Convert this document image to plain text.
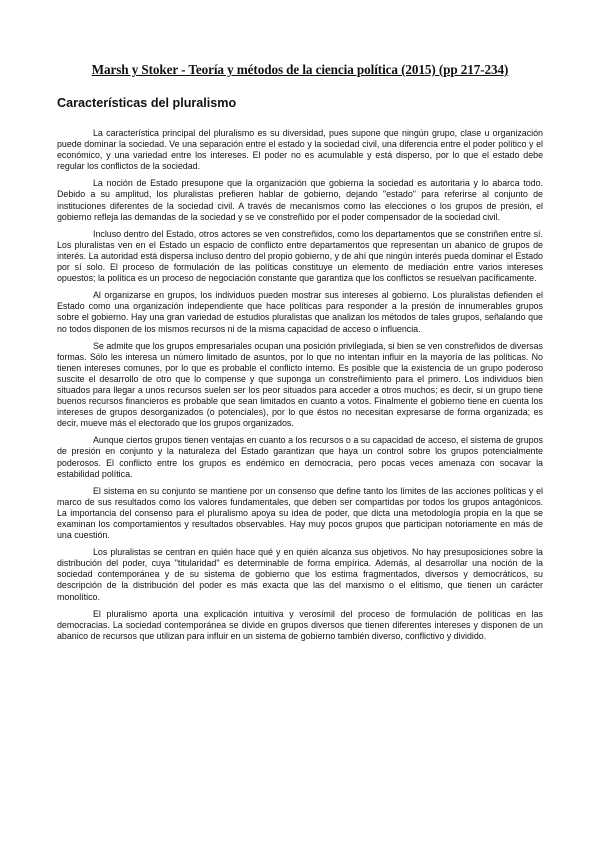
Marsh y Stoker - Teoría y métodos de la ciencia política (2015) (pp 217-234)
Características del pluralismo

La característica principal del pluralismo es su diversidad, pues supone que ningún grupo, clase u organización puede dominar la sociedad. Ve una separación entre el estado y la sociedad civil, una diferencia entre el poder político y el económico, y una variedad entre los intereses. El poder no es acumulable y está disperso, por lo que el estado debe regular los conflictos de la sociedad.

La noción de Estado presupone que la organización que gobierna la sociedad es autoritaria y lo abarca todo. Debido a su amplitud, los pluralistas prefieren hablar de gobierno, dejando "estado" para referirse al conjunto de instituciones diferentes de la sociedad civil. A través de mecanismos como las elecciones o los grupos de presión, el gobierno refleja las demandas de la sociedad y se ve constreñido por el poder compensador de la sociedad civil.

Incluso dentro del Estado, otros actores se ven constreñidos, como los departamentos que se constriñen entre sí. Los pluralistas ven en el Estado un espacio de conflicto entre departamentos que representan un abanico de grupos de interés. La autoridad está dispersa incluso dentro del propio gobierno, y de ahí que ningún interés pueda dominar el Estado por sí solo. El proceso de formulación de las políticas constituye un elemento de mediación entre varios intereses opuestos; la política es un proceso de negociación constante que garantiza que los conflictos se resuelvan pacíficamente.

Al organizarse en grupos, los individuos pueden mostrar sus intereses al gobierno. Los pluralistas defienden el Estado como una organización independiente que hace políticas para responder a la presión de innumerables grupos sobre el gobierno. Hay una gran variedad de estudios pluralistas que analizan los métodos de tales grupos, señalando que no todos disponen de los mismos recursos ni de la misma capacidad de acceso o influencia.

Se admite que los grupos empresariales ocupan una posición privilegiada, si bien se ven constreñidos de diversas formas. Sólo les interesa un número limitado de asuntos, por lo que no intentan influir en la mayoría de las políticas. No tienen intereses comunes, por lo que es probable el conflicto interno. Es posible que la existencia de un grupo poderoso suscite el desarrollo de otro que lo compense y que suponga un constreñimiento para el primero. Los individuos bien situados para llegar a unos recursos suelen ser los peor situados para acceder a otros muchos; es decir, si un grupo tiene buenos recursos financieros es probable que sean limitados en cuanto a votos. Finalmente el gobierno tiene en cuenta los intereses de grupos desorganizados (o potenciales), por lo que éstos no necesitan expresarse de forma organizada; es decir, mueve más el electorado que los grupos organizados.

Aunque ciertos grupos tienen ventajas en cuanto a los recursos o a su capacidad de acceso, el sistema de grupos de presión en conjunto y la naturaleza del Estado garantizan que haya un control sobre los grupos potencialmente poderosos. El conflicto entre los grupos es endémico en democracia, pero pocas veces amenaza con socavar la estabilidad política.

El sistema en su conjunto se mantiene por un consenso que define tanto los límites de las acciones políticas y el marco de sus resultados como los valores fundamentales, que deben ser compartidas por todos los grupos antagónicos. La importancia del consenso para el pluralismo apoya su idea de poder, que dicta una metodología propia en la que se examinan los comportamientos y resultados observables. Hay muy pocos grupos que participan notoriamente en más de una cuestión.

Los pluralistas se centran en quién hace qué y en quién alcanza sus objetivos. No hay presuposiciones sobre la distribución del poder, cuya "titularidad" es determinable de forma empírica. Además, al desarrollar una noción de la sociedad contemporánea y de su sistema de gobierno que los estima fragmentados, diversos y democráticos, su descripción de la distribución del poder es más exacta que las del marxismo o el elitismo, que tienen un carácter monolítico.

El pluralismo aporta una explicación intuitiva y verosímil del proceso de formulación de políticas en las democracias. La sociedad contemporánea se divide en grupos diversos que tienen diferentes intereses y disponen de un abanico de recursos que utilizan para influir en un sistema de gobierno también diverso, conflictivo y dividido.
